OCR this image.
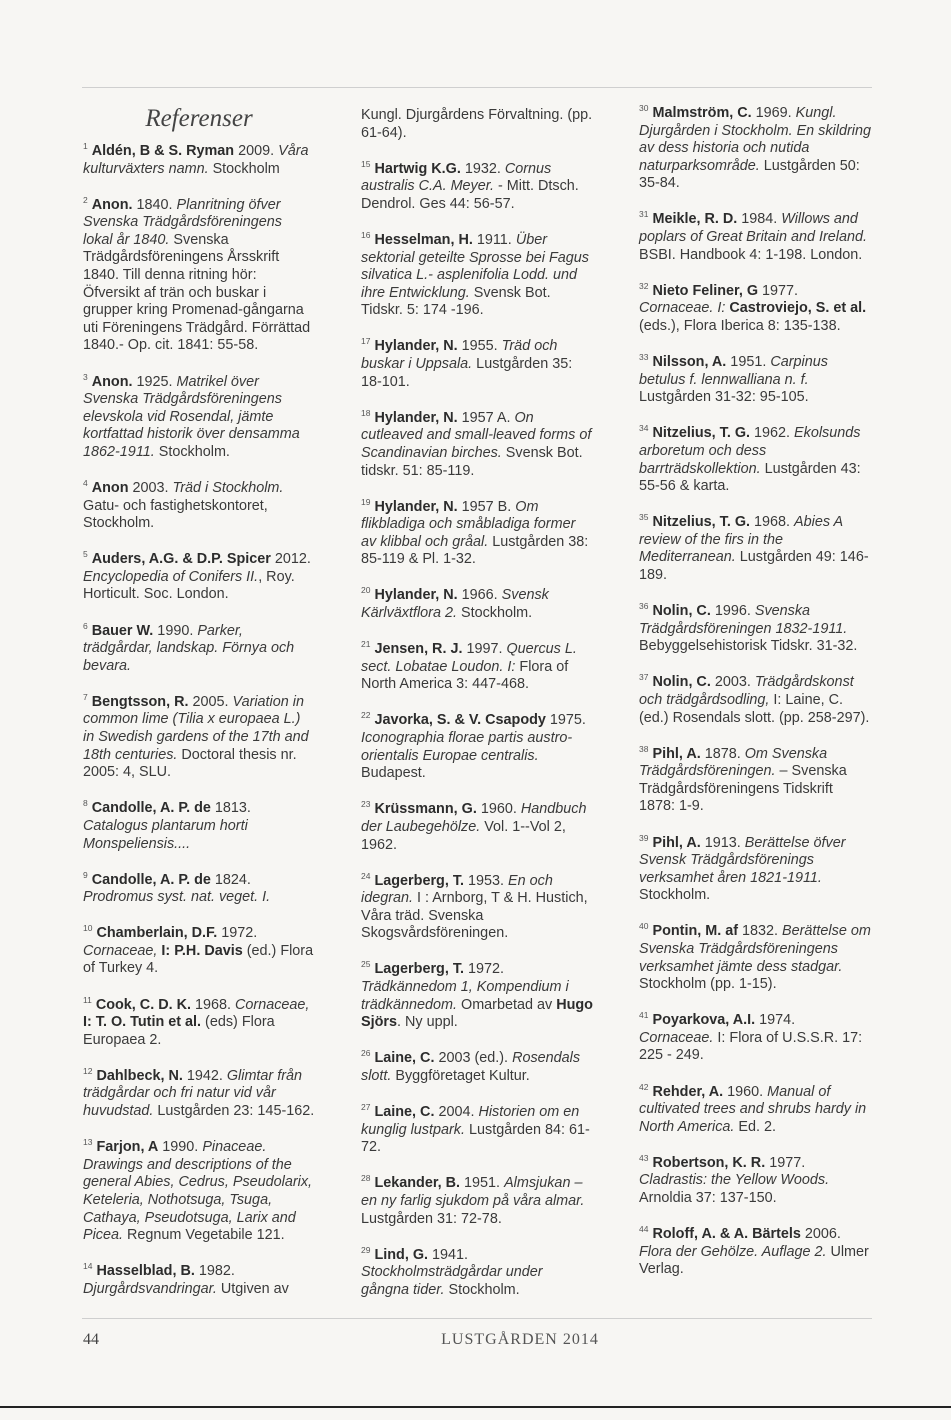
Referenser
$^1$ Aldén, B & S. Ryman 2009. Våra kulturväxters namn. Stockholm
$^2$ Anon. 1840. Planritning öfver Svenska Trädgårdsföreningens lokal år 1840. Svenska Trädgårdsföreningens Årsskrift 1840. Till denna ritning hör: Öfversikt af trän och buskar i grupper kring Promenad-gångarna uti Föreningens Trädgård. Förrättad 1840.- Op. cit. 1841: 55-58.
$^3$ Anon. 1925. Matrikel över Svenska Trädgårdsföreningens elevskola vid Rosendal, jämte kortfattad historik över densamma 1862-1911. Stockholm.
$^4$ Anon 2003. Träd i Stockholm. Gatu- och fastighetskontoret, Stockholm.
$^5$ Auders, A.G. & D.P. Spicer 2012. Encyclopedia of Conifers II., Roy. Horticult. Soc. London.
$^6$ Bauer W. 1990. Parker, trädgårdar, landskap. Förnya och bevara.
$^7$ Bengtsson, R. 2005. Variation in common lime (Tilia x europaea L.) in Swedish gardens of the 17th and 18th centuries. Doctoral thesis nr. 2005: 4, SLU.
$^8$ Candolle, A. P. de 1813. Catalogus plantarum horti Monspeliensis....
$^9$ Candolle, A. P. de 1824. Prodromus syst. nat. veget. I.
$^{10}$ Chamberlain, D.F. 1972. Cornaceae, I: P.H. Davis (ed.) Flora of Turkey 4.
$^{11}$ Cook, C. D. K. 1968. Cornaceae, I: T. O. Tutin et al. (eds) Flora Europaea 2.
$^{12}$ Dahlbeck, N. 1942. Glimtar från trädgårdar och fri natur vid vår huvudstad. Lustgården 23: 145-162.
$^{13}$ Farjon, A 1990. Pinaceae. Drawings and descriptions of the general Abies, Cedrus, Pseudolarix, Keteleria, Nothotsuga, Tsuga, Cathaya, Pseudotsuga, Larix and Picea. Regnum Vegetabile 121.
$^{14}$ Hasselblad, B. 1982. Djurgårdsvandringar. Utgiven av
Kungl. Djurgårdens Förvaltning. (pp. 61-64).
$^{15}$ Hartwig K.G. 1932. Cornus australis C.A. Meyer. - Mitt. Dtsch. Dendrol. Ges 44: 56-57.
$^{16}$ Hesselman, H. 1911. Über sektorial geteilte Sprosse bei Fagus silvatica L.- asplenifolia Lodd. und ihre Entwicklung. Svensk Bot. Tidskr. 5: 174 -196.
$^{17}$ Hylander, N. 1955. Träd och buskar i Uppsala. Lustgården 35: 18-101.
$^{18}$ Hylander, N. 1957 A. On cutleaved and small-leaved forms of Scandinavian birches. Svensk Bot. tidskr. 51: 85-119.
$^{19}$ Hylander, N. 1957 B. Om flikbladiga och småbladiga former av klibbal och gråal. Lustgården 38: 85-119 & Pl. 1-32.
$^{20}$ Hylander, N. 1966. Svensk Kärlväxtflora 2. Stockholm.
$^{21}$ Jensen, R. J. 1997. Quercus L. sect. Lobatae Loudon. I: Flora of North America 3: 447-468.
$^{22}$ Javorka, S. & V. Csapody 1975. Iconographia florae partis austro-orientalis Europae centralis. Budapest.
$^{23}$ Krüssmann, G. 1960. Handbuch der Laubegehölze. Vol. 1--Vol 2, 1962.
$^{24}$ Lagerberg, T. 1953. En och idegran. I : Arnborg, T & H. Hustich, Våra träd. Svenska Skogsvårdsföreningen.
$^{25}$ Lagerberg, T. 1972. Trädkännedom 1, Kompendium i trädkännedom. Omarbetad av Hugo Sjörs. Ny uppl.
$^{26}$ Laine, C. 2003 (ed.). Rosendals slott. Byggföretaget Kultur.
$^{27}$ Laine, C. 2004. Historien om en kunglig lustpark. Lustgården 84: 61-72.
$^{28}$ Lekander, B. 1951. Almsjukan – en ny farlig sjukdom på våra almar. Lustgården 31: 72-78.
$^{29}$ Lind, G. 1941. Stockholmsträdgårdar under gångna tider. Stockholm.
$^{30}$ Malmström, C. 1969. Kungl. Djurgården i Stockholm. En skildring av dess historia och nutida naturparksområde. Lustgården 50: 35-84.
$^{31}$ Meikle, R. D. 1984. Willows and poplars of Great Britain and Ireland. BSBI. Handbook 4: 1-198. London.
$^{32}$ Nieto Feliner, G 1977. Cornaceae. I: Castroviejo, S. et al. (eds.), Flora Iberica 8: 135-138.
$^{33}$ Nilsson, A. 1951. Carpinus betulus f. lennwalliana n. f. Lustgården 31-32: 95-105.
$^{34}$ Nitzelius, T. G. 1962. Ekolsunds arboretum och dess barrträdskollektion. Lustgården 43: 55-56 & karta.
$^{35}$ Nitzelius, T. G. 1968. Abies A review of the firs in the Mediterranean. Lustgården 49: 146-189.
$^{36}$ Nolin, C. 1996. Svenska Trädgårdsföreningen 1832-1911. Bebyggelsehistorisk Tidskr. 31-32.
$^{37}$ Nolin, C. 2003. Trädgårdskonst och trädgårdsodling, I: Laine, C. (ed.) Rosendals slott. (pp. 258-297).
$^{38}$ Pihl, A. 1878. Om Svenska Trädgårdsföreningen. – Svenska Trädgårdsföreningens Tidskrift 1878: 1-9.
$^{39}$ Pihl, A. 1913. Berättelse öfver Svensk Trädgårdsförenings verksamhet åren 1821-1911. Stockholm.
$^{40}$ Pontin, M. af 1832. Berättelse om Svenska Trädgårdsföreningens verksamhet jämte dess stadgar. Stockholm (pp. 1-15).
$^{41}$ Poyarkova, A.I. 1974. Cornaceae. I: Flora of U.S.S.R. 17: 225 - 249.
$^{42}$ Rehder, A. 1960. Manual of cultivated trees and shrubs hardy in North America. Ed. 2.
$^{43}$ Robertson, K. R. 1977. Cladrastis: the Yellow Woods. Arnoldia 37: 137-150.
$^{44}$ Roloff, A. & A. Bärtels 2006. Flora der Gehölze. Auflage 2. Ulmer Verlag.
44	LUSTGÅRDEN 2014
